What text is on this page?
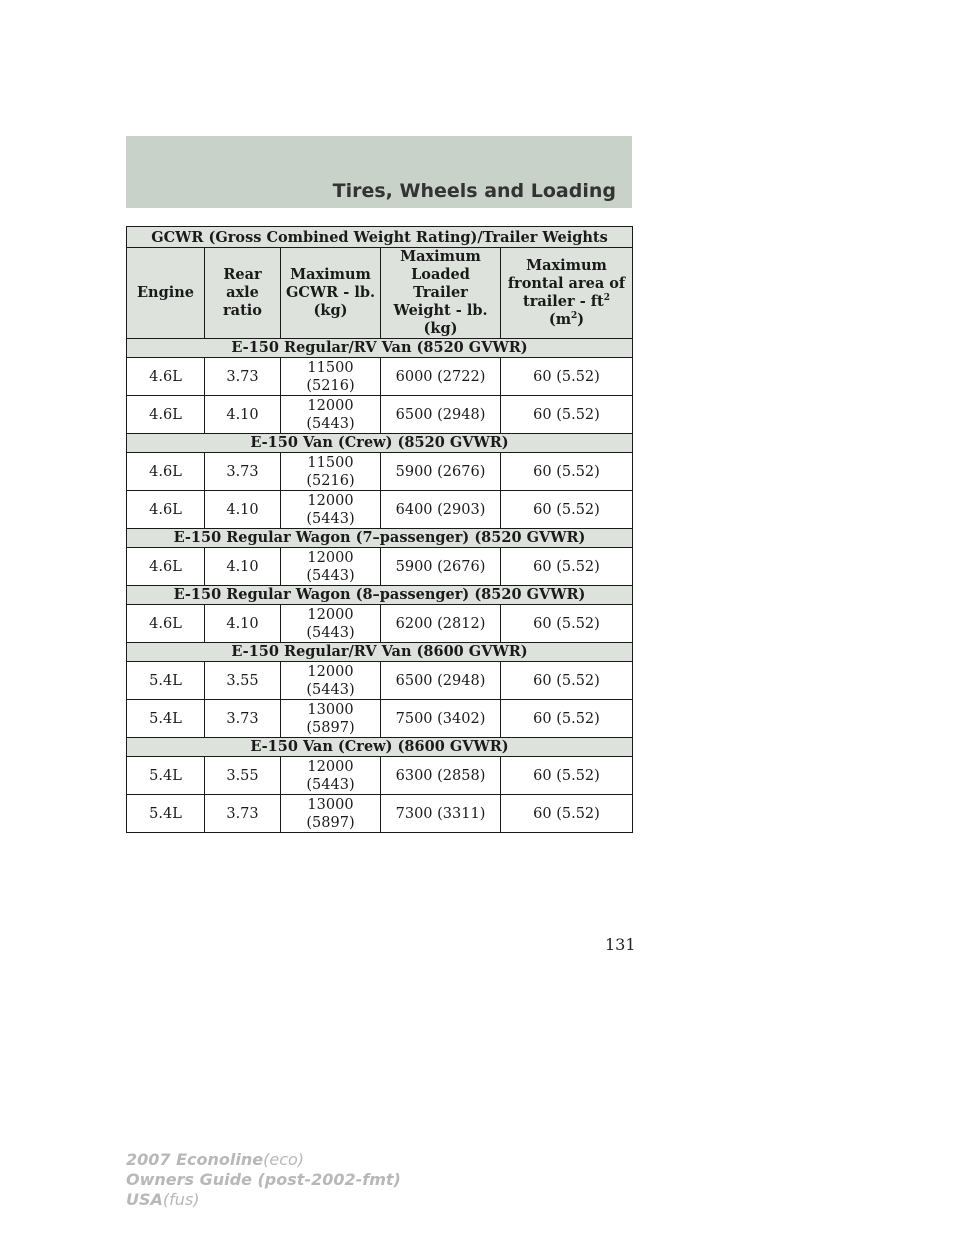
Tires, Wheels and Loading
GCWR (Gross Combined Weight Rating)/Trailer Weights				
Engine	Rear axle ratio	Maximum GCWR - lb. (kg)	Maximum Loaded Trailer Weight - lb. (kg)	Maximum frontal area of trailer - $ft^2$ $(m^2)$
E-150 Regular/RV Van (8520 GVWR)				
4.6L	3.73	11500 (5216)	6000 (2722)	60 (5.52)
4.6L	4.10	12000 (5443)	6500 (2948)	60 (5.52)
E-150 Van (Crew) (8520 GVWR)				
4.6L	3.73	11500 (5216)	5900 (2676)	60 (5.52)
4.6L	4.10	12000 (5443)	6400 (2903)	60 (5.52)
E-150 Regular Wagon (7–passenger) (8520 GVWR)				
4.6L	4.10	12000 (5443)	5900 (2676)	60 (5.52)
E-150 Regular Wagon (8–passenger) (8520 GVWR)				
4.6L	4.10	12000 (5443)	6200 (2812)	60 (5.52)
E-150 Regular/RV Van (8600 GVWR)				
5.4L	3.55	12000 (5443)	6500 (2948)	60 (5.52)
5.4L	3.73	13000 (5897)	7500 (3402)	60 (5.52)
E-150 Van (Crew) (8600 GVWR)				
5.4L	3.55	12000 (5443)	6300 (2858)	60 (5.52)
5.4L	3.73	13000 (5897)	7300 (3311)	60 (5.52)
131
2007 Econoline(eco)
Owners Guide (post-2002-fmt)
USA(fus)
